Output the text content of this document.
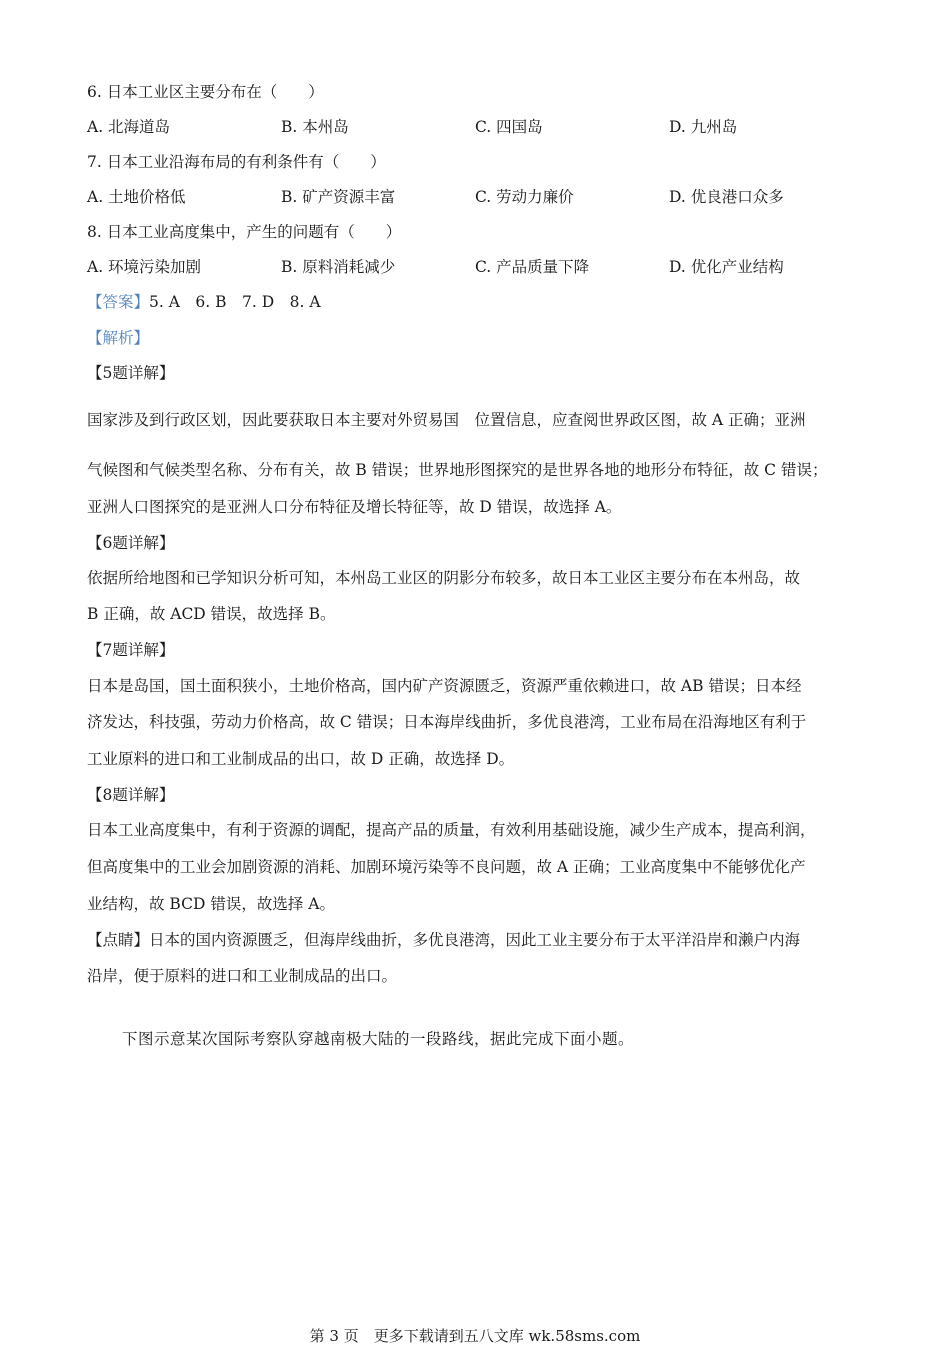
6. 日本工业区主要分布在（　　）
A. 北海道岛	B. 本州岛	C. 四国岛	D. 九州岛
7. 日本工业沿海布局的有利条件有（　　）
A. 土地价格低	B. 矿产资源丰富	C. 劳动力廉价	D. 优良港口众多
8. 日本工业高度集中，产生的问题有（　　）
A. 环境污染加剧	B. 原料消耗减少	C. 产品质量下降	D. 优化产业结构
【答案】5. A　6. B　7. D　8. A
【解析】
【5题详解】
国家涉及到行政区划，因此要获取日本主要对外贸易国　位置信息，应查阅世界政区图，故 A 正确；亚洲
气候图和气候类型名称、分布有关，故 B 错误；世界地形图探究的是世界各地的地形分布特征，故 C 错误；
亚洲人口图探究的是亚洲人口分布特征及增长特征等，故 D 错误，故选择 A。
【6题详解】
依据所给地图和已学知识分析可知，本州岛工业区的阴影分布较多，故日本工业区主要分布在本州岛，故
B 正确，故 ACD 错误，故选择 B。
【7题详解】
日本是岛国，国土面积狭小，土地价格高，国内矿产资源匮乏，资源严重依赖进口，故 AB 错误；日本经
济发达，科技强，劳动力价格高，故 C 错误；日本海岸线曲折，多优良港湾，工业布局在沿海地区有利于
工业原料的进口和工业制成品的出口，故 D 正确，故选择 D。
【8题详解】
日本工业高度集中，有利于资源的调配，提高产品的质量，有效利用基础设施，减少生产成本，提高利润，
但高度集中的工业会加剧资源的消耗、加剧环境污染等不良问题，故 A 正确；工业高度集中不能够优化产
业结构，故 BCD 错误，故选择 A。
【点睛】日本的国内资源匮乏，但海岸线曲折，多优良港湾，因此工业主要分布于太平洋沿岸和濑户内海
沿岸，便于原料的进口和工业制成品的出口。
下图示意某次国际考察队穿越南极大陆的一段路线，据此完成下面小题。
第 3 页　更多下载请到五八文库 wk.58sms.com
